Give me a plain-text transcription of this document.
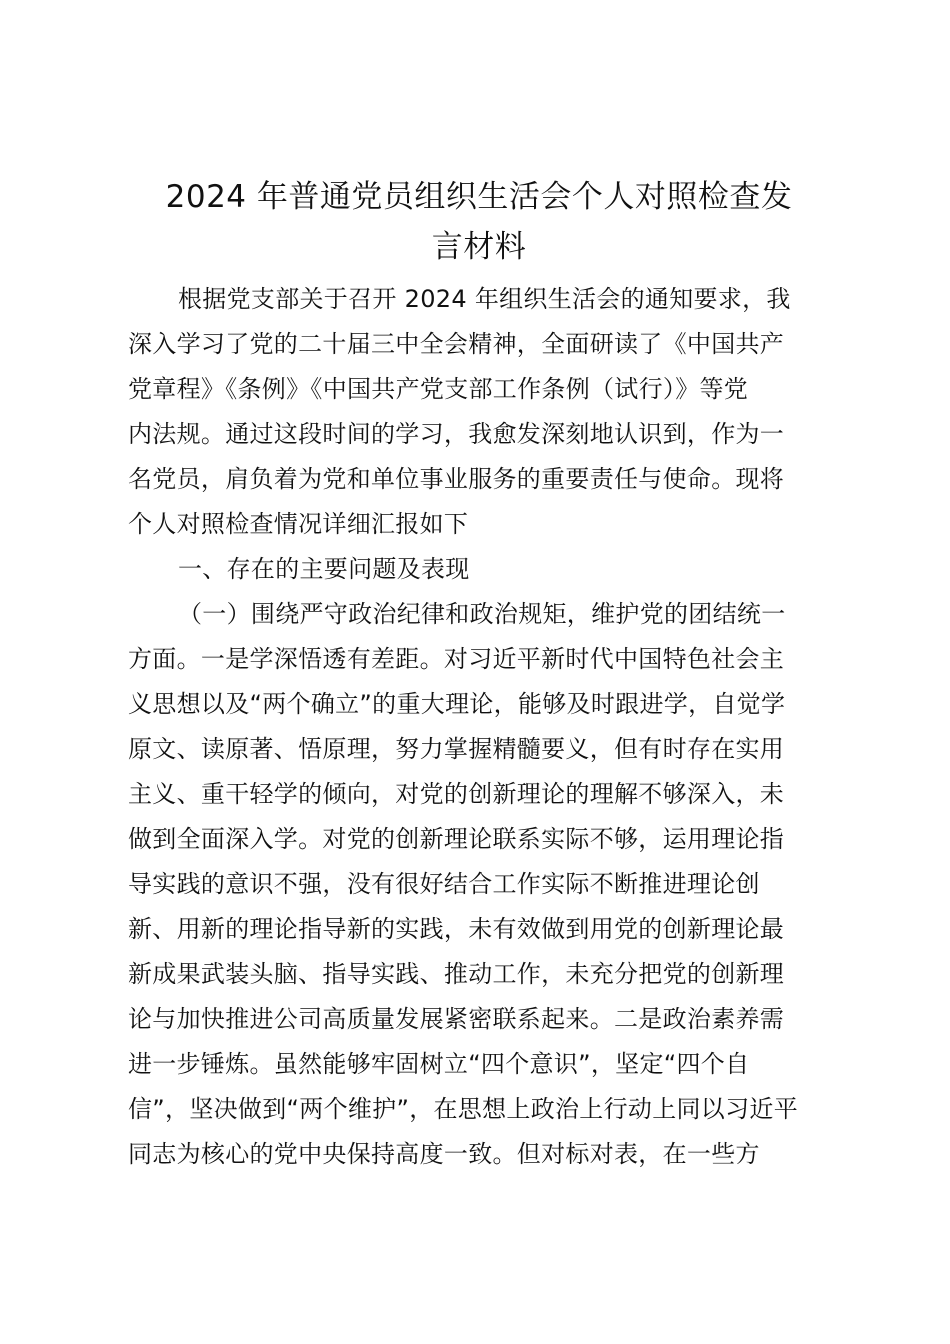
2024 年普通党员组织生活会个人对照检查发
言材料
根据党支部关于召开 2024 年组织生活会的通知要求，我
深入学习了党的二十届三中全会精神，全面研读了《中国共产
党章程》《条例》《中国共产党支部工作条例（试行）》等党
内法规。通过这段时间的学习，我愈发深刻地认识到，作为一
名党员，肩负着为党和单位事业服务的重要责任与使命。现将
个人对照检查情况详细汇报如下
一、存在的主要问题及表现
（一）围绕严守政治纪律和政治规矩，维护党的团结统一
方面。一是学深悟透有差距。对习近平新时代中国特色社会主
义思想以及“两个确立”的重大理论，能够及时跟进学，自觉学
原文、读原著、悟原理，努力掌握精髓要义，但有时存在实用
主义、重干轻学的倾向，对党的创新理论的理解不够深入，未
做到全面深入学。对党的创新理论联系实际不够，运用理论指
导实践的意识不强，没有很好结合工作实际不断推进理论创
新、用新的理论指导新的实践，未有效做到用党的创新理论最
新成果武装头脑、指导实践、推动工作，未充分把党的创新理
论与加快推进公司高质量发展紧密联系起来。二是政治素养需
进一步锤炼。虽然能够牢固树立“四个意识”，坚定“四个自
信”，坚决做到“两个维护”，在思想上政治上行动上同以习近平
同志为核心的党中央保持高度一致。但对标对表，在一些方
